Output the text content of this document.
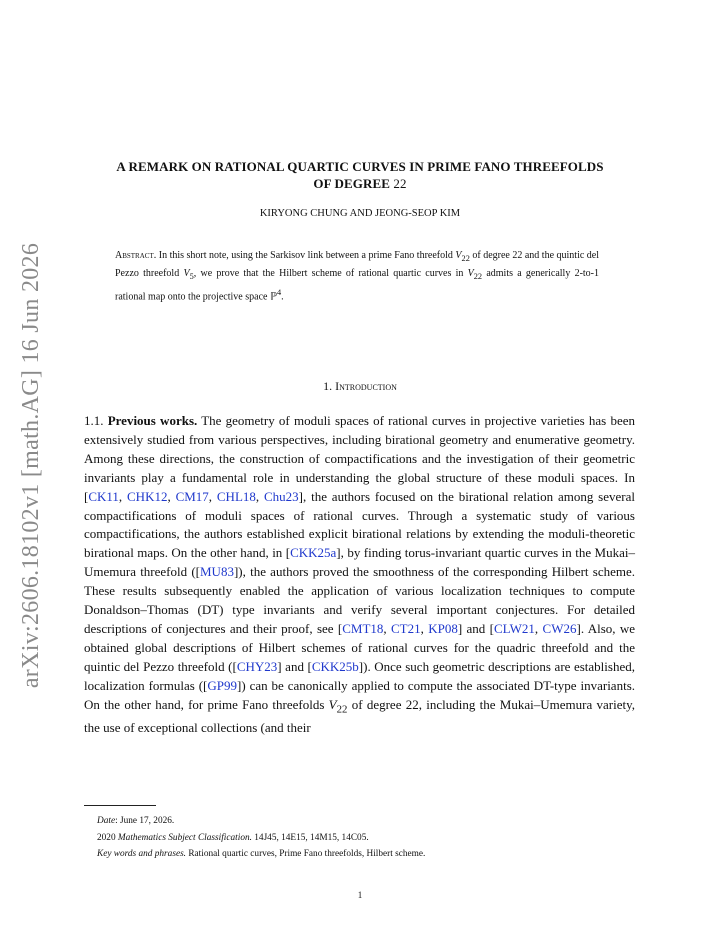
arXiv:2606.18102v1 [math.AG] 16 Jun 2026
A REMARK ON RATIONAL QUARTIC CURVES IN PRIME FANO THREEFOLDS
OF DEGREE 22
KIRYONG CHUNG AND JEONG-SEOP KIM
Abstract. In this short note, using the Sarkisov link between a prime Fano threefold $V_{22}$ of degree 22 and the quintic del Pezzo threefold $V_5$, we prove that the Hilbert scheme of rational quartic curves in $V_{22}$ admits a generically 2-to-1 rational map onto the projective space ℙ$^4$.
1. Introduction
1.1. Previous works. The geometry of moduli spaces of rational curves in projective varieties has been extensively studied from various perspectives, including birational geometry and enumerative geometry. Among these directions, the construction of compactifications and the investigation of their geometric invariants play a fundamental role in understanding the global structure of these moduli spaces. In [CK11, CHK12, CM17, CHL18, Chu23], the authors focused on the birational relation among several compactifications of moduli spaces of rational curves. Through a systematic study of various compactifications, the authors established explicit birational relations by extending the moduli-theoretic birational maps. On the other hand, in [CKK25a], by finding torus-invariant quartic curves in the Mukai–Umemura threefold ([MU83]), the authors proved the smoothness of the corresponding Hilbert scheme. These results subsequently enabled the application of various localization techniques to compute Donaldson–Thomas (DT) type invariants and verify several important conjectures. For detailed descriptions of conjectures and their proof, see [CMT18, CT21, KP08] and [CLW21, CW26]. Also, we obtained global descriptions of Hilbert schemes of rational curves for the quadric threefold and the quintic del Pezzo threefold ([CHY23] and [CKK25b]). Once such geometric descriptions are established, localization formulas ([GP99]) can be canonically applied to compute the associated DT-type invariants. On the other hand, for prime Fano threefolds $V_{22}$ of degree 22, including the Mukai–Umemura variety, the use of exceptional collections (and their
Date: June 17, 2026.
2020 Mathematics Subject Classification. 14J45, 14E15, 14M15, 14C05.
Key words and phrases. Rational quartic curves, Prime Fano threefolds, Hilbert scheme.
1
